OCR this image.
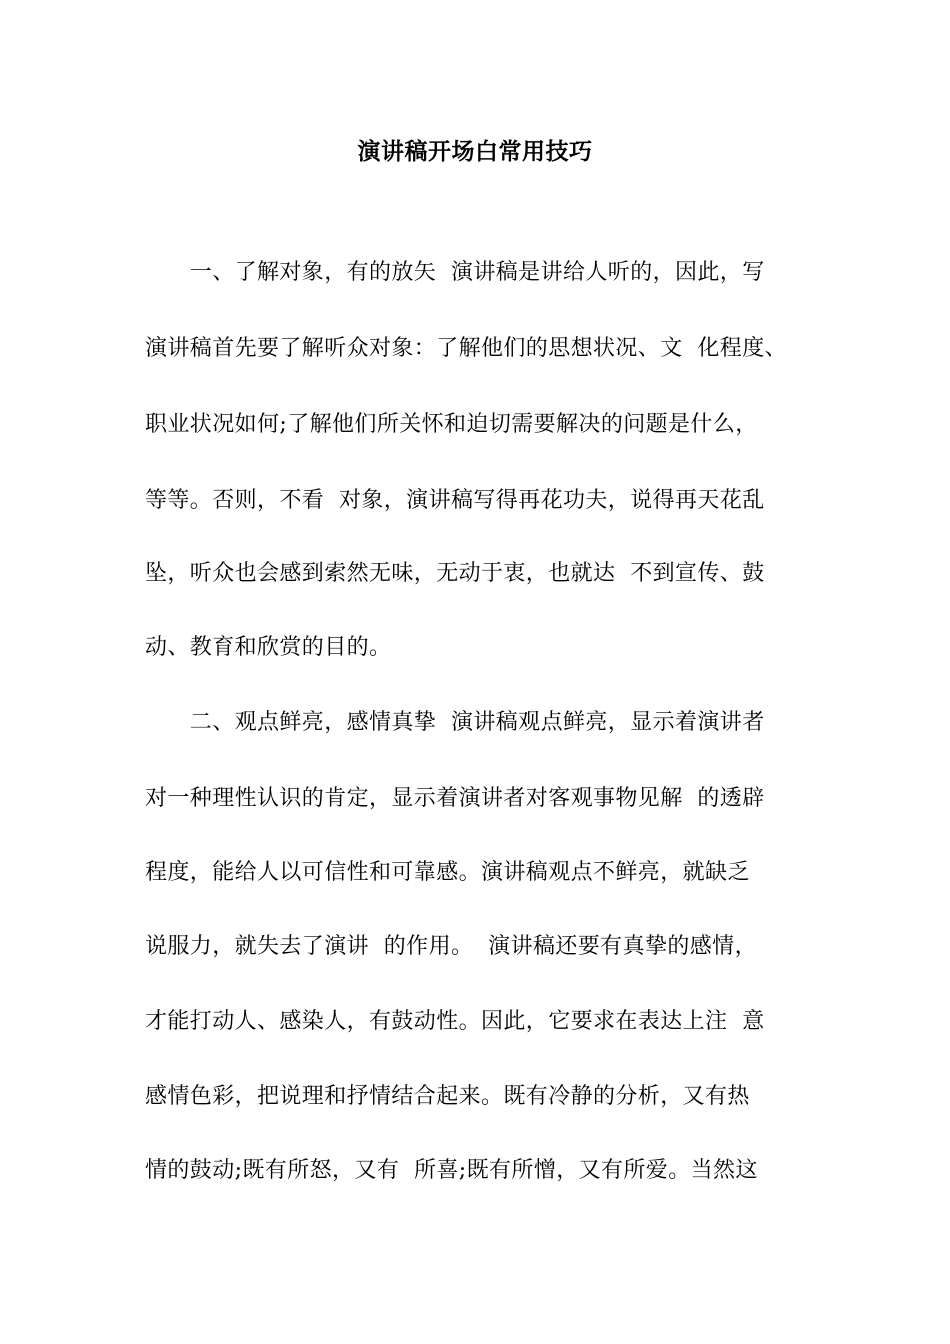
演讲稿开场白常用技巧
　　一、了解对象，有的放矢  演讲稿是讲给人听的，因此，写
演讲稿首先要了解听众对象：了解他们的思想状况、文  化程度、
职业状况如何;了解他们所关怀和迫切需要解决的问题是什么，
等等。否则，不看  对象，演讲稿写得再花功夫，说得再天花乱
坠，听众也会感到索然无味，无动于衷，也就达  不到宣传、鼓
动、教育和欣赏的目的。
　　二、观点鲜亮，感情真挚  演讲稿观点鲜亮，显示着演讲者
对一种理性认识的肯定，显示着演讲者对客观事物见解  的透辟
程度，能给人以可信性和可靠感。演讲稿观点不鲜亮，就缺乏
说服力，就失去了演讲  的作用。  演讲稿还要有真挚的感情，
才能打动人、感染人，有鼓动性。因此，它要求在表达上注  意
感情色彩，把说理和抒情结合起来。既有冷静的分析，又有热
情的鼓动;既有所怒，又有  所喜;既有所憎，又有所爱。当然这
